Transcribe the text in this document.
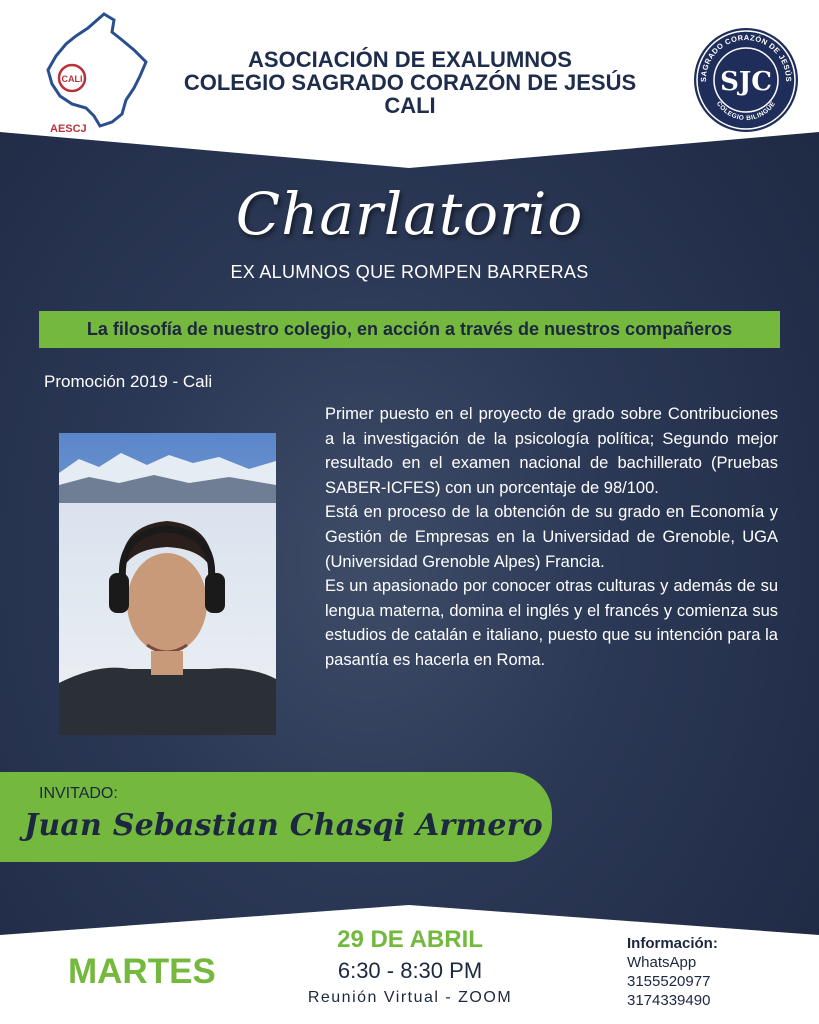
CALI
AESCJ
ASOCIACIÓN DE EXALUMNOS
COLEGIO SAGRADO CORAZÓN DE JESÚS
CALI
SAGRADO CORAZÓN DE JESÚS
COLEGIO BILINGÜE
SJC
Charlatorio
EX ALUMNOS QUE ROMPEN BARRERAS
La filosofía de nuestro colegio, en acción a través de nuestros compañeros
Promoción 2019 - Cali

Primer puesto en el proyecto de grado sobre Contribuciones a la investigación de la psicología política; Segundo mejor resultado en el examen nacional de bachillerato (Pruebas SABER-ICFES) con un porcentaje de 98/100.

Está en proceso de la obtención de su grado en Economía y Gestión de Empresas en la Universidad de Grenoble, UGA (Universidad Grenoble Alpes) Francia.

Es un apasionado por conocer otras culturas y además de su lengua materna, domina el inglés y el francés y comienza sus estudios de catalán e italiano, puesto que su intención para la pasantía es hacerla en Roma.

INVITADO:
Juan Sebastian Chasqi Armero
MARTES
29 DE ABRIL
6:30 - 8:30 PM
Reunión Virtual - ZOOM
Información:
WhatsApp
3155520977
3174339490
